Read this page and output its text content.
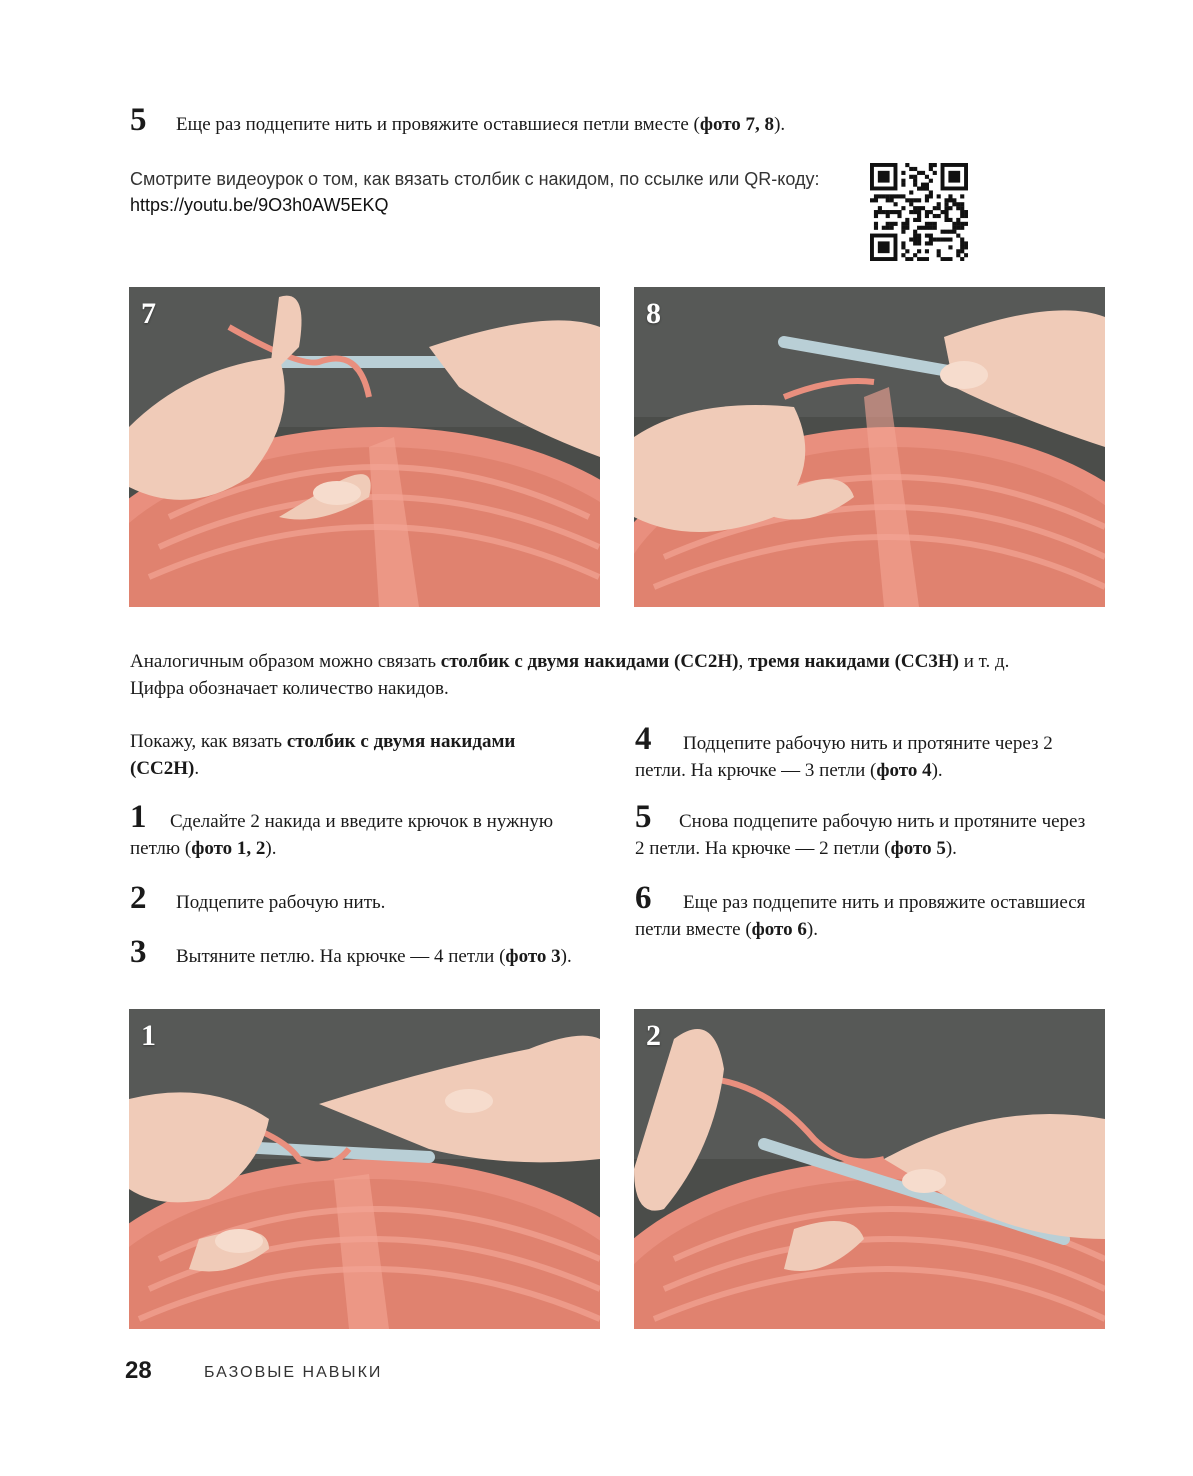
5	Еще раз подцепите нить и провяжите оставшиеся петли вместе (фото 7, 8).
Смотрите видеоурок о том, как вязать столбик с накидом, по ссылке или QR-коду:
https://youtu.be/9O3h0AW5EKQ
7	8
Аналогичным образом можно связать столбик с двумя накидами (СС2Н), тремя накидами (СС3Н) и т. д.
Цифра обозначает количество накидов.
Покажу, как вязать столбик с двумя накидами (СС2Н).
1 Сделайте 2 накида и введите крючок в нужную петлю (фото 1, 2).
2 Подцепите рабочую нить.
3 Вытяните петлю. На крючке — 4 петли (фото 3).
4 Подцепите рабочую нить и протяните через 2 петли. На крючке — 3 петли (фото 4).
5 Снова подцепите рабочую нить и протяните через 2 петли. На крючке — 2 петли (фото 5).
6 Еще раз подцепите нить и провяжите оставшиеся петли вместе (фото 6).
1	2
28	БАЗОВЫЕ НАВЫКИ
